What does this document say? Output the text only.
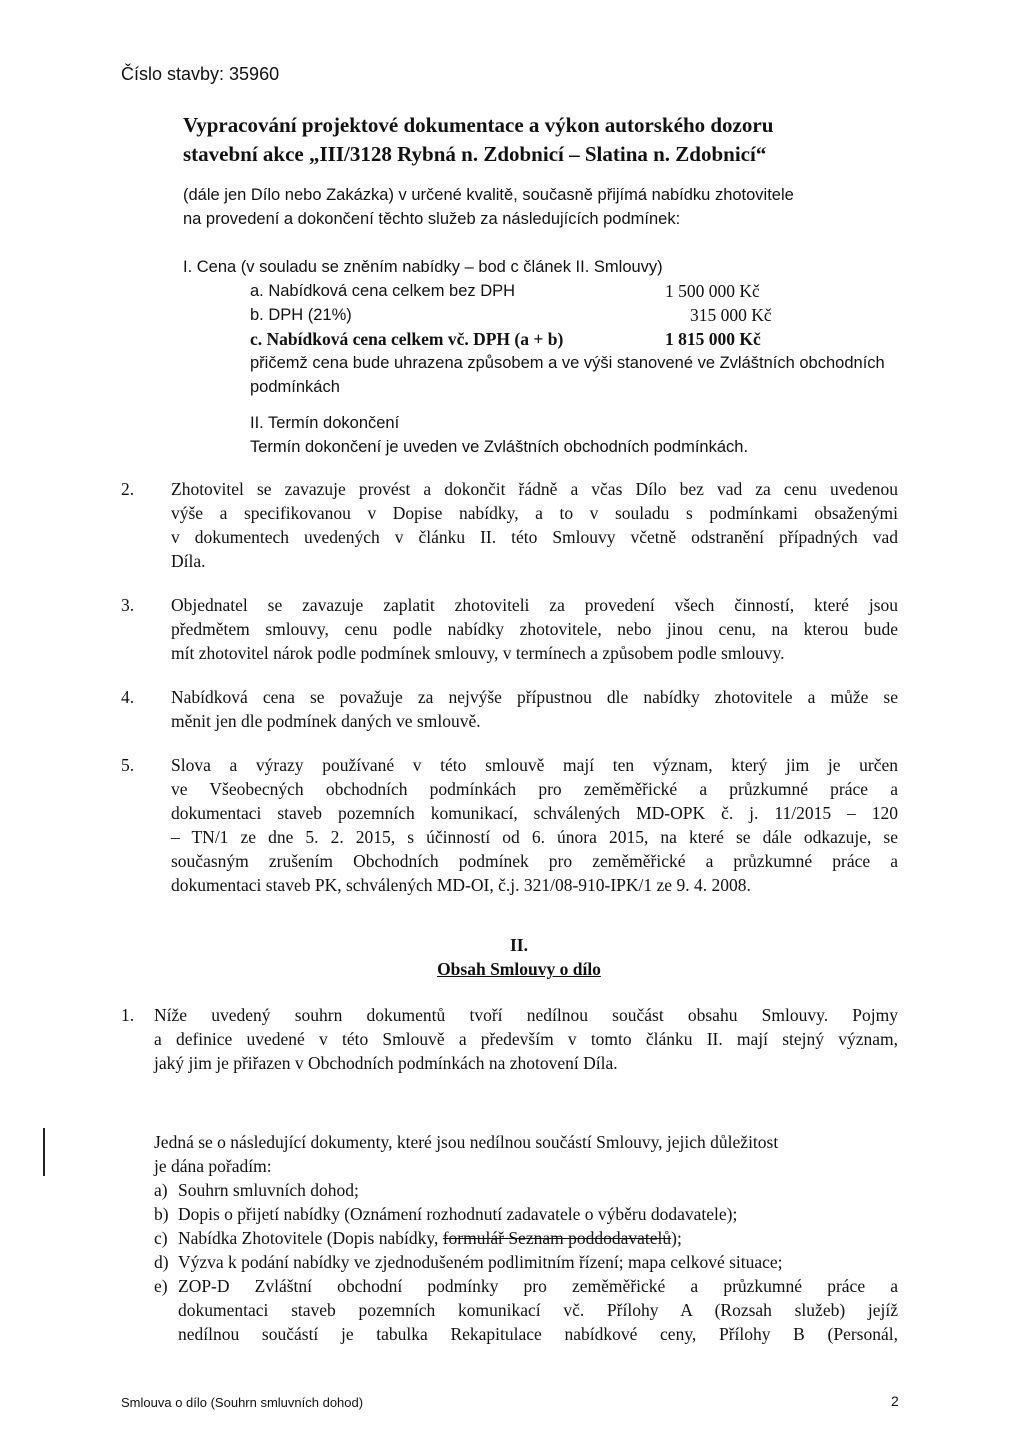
Číslo stavby: 35960
Vypracování projektové dokumentace a výkon autorského dozoru
stavební akce „III/3128 Rybná n. Zdobnicí – Slatina n. Zdobnicí“
(dále jen Dílo nebo Zakázka) v určené kvalitě, současně přijímá nabídku zhotovitele
na provedení a dokončení těchto služeb za následujících podmínek:
I. Cena (v souladu se zněním nabídky – bod c článek II. Smlouvy)
a. Nabídková cena celkem bez DPH	1 500 000 Kč
b. DPH (21%)	315 000 Kč
c. Nabídková cena celkem vč. DPH (a + b)	1 815 000 Kč
přičemž cena bude uhrazena způsobem a ve výši stanovené ve Zvláštních obchodních
podmínkách
II. Termín dokončení
Termín dokončení je uveden ve Zvláštních obchodních podmínkách.
2. Zhotovitel se zavazuje provést a dokončit řádně a včas Dílo bez vad za cenu uvedenou
výše a specifikovanou v Dopise nabídky, a to v souladu s podmínkami obsaženými
v dokumentech uvedených v článku II. této Smlouvy včetně odstranění případných vad
Díla.
3. Objednatel se zavazuje zaplatit zhotoviteli za provedení všech činností, které jsou
předmětem smlouvy, cenu podle nabídky zhotovitele, nebo jinou cenu, na kterou bude
mít zhotovitel nárok podle podmínek smlouvy, v termínech a způsobem podle smlouvy.
4. Nabídková cena se považuje za nejvýše přípustnou dle nabídky zhotovitele a může se
měnit jen dle podmínek daných ve smlouvě.
5. Slova a výrazy používané v této smlouvě mají ten význam, který jim je určen
ve Všeobecných obchodních podmínkách pro zeměměřické a průzkumné práce a
dokumentaci staveb pozemních komunikací, schválených MD-OPK č. j. 11/2015 – 120
– TN/1 ze dne 5. 2. 2015, s účinností od 6. února 2015, na které se dále odkazuje, se
současným zrušením Obchodních podmínek pro zeměměřické a průzkumné práce a
dokumentaci staveb PK, schválených MD-OI, č.j. 321/08-910-IPK/1 ze 9. 4. 2008.
II.
Obsah Smlouvy o dílo
1. Níže uvedený souhrn dokumentů tvoří nedílnou součást obsahu Smlouvy. Pojmy
a definice uvedené v této Smlouvě a především v tomto článku II. mají stejný význam,
jaký jim je přiřazen v Obchodních podmínkách na zhotovení Díla.
Jedná se o následující dokumenty, které jsou nedílnou součástí Smlouvy, jejich důležitost
je dána pořadím:
a) Souhrn smluvních dohod;
b) Dopis o přijetí nabídky (Oznámení rozhodnutí zadavatele o výběru dodavatele);
c) Nabídka Zhotovitele (Dopis nabídky, formulář Seznam poddodavatelů);
d) Výzva k podání nabídky ve zjednodušeném podlimitním řízení; mapa celkové situace;
e) ZOP-D Zvláštní obchodní podmínky pro zeměměřické a průzkumné práce a
dokumentaci staveb pozemních komunikací vč. Přílohy A (Rozsah služeb) jejíž
nedílnou součástí je tabulka Rekapitulace nabídkové ceny, Přílohy B (Personál,
Smlouva o dílo (Souhrn smluvních dohod)	2
